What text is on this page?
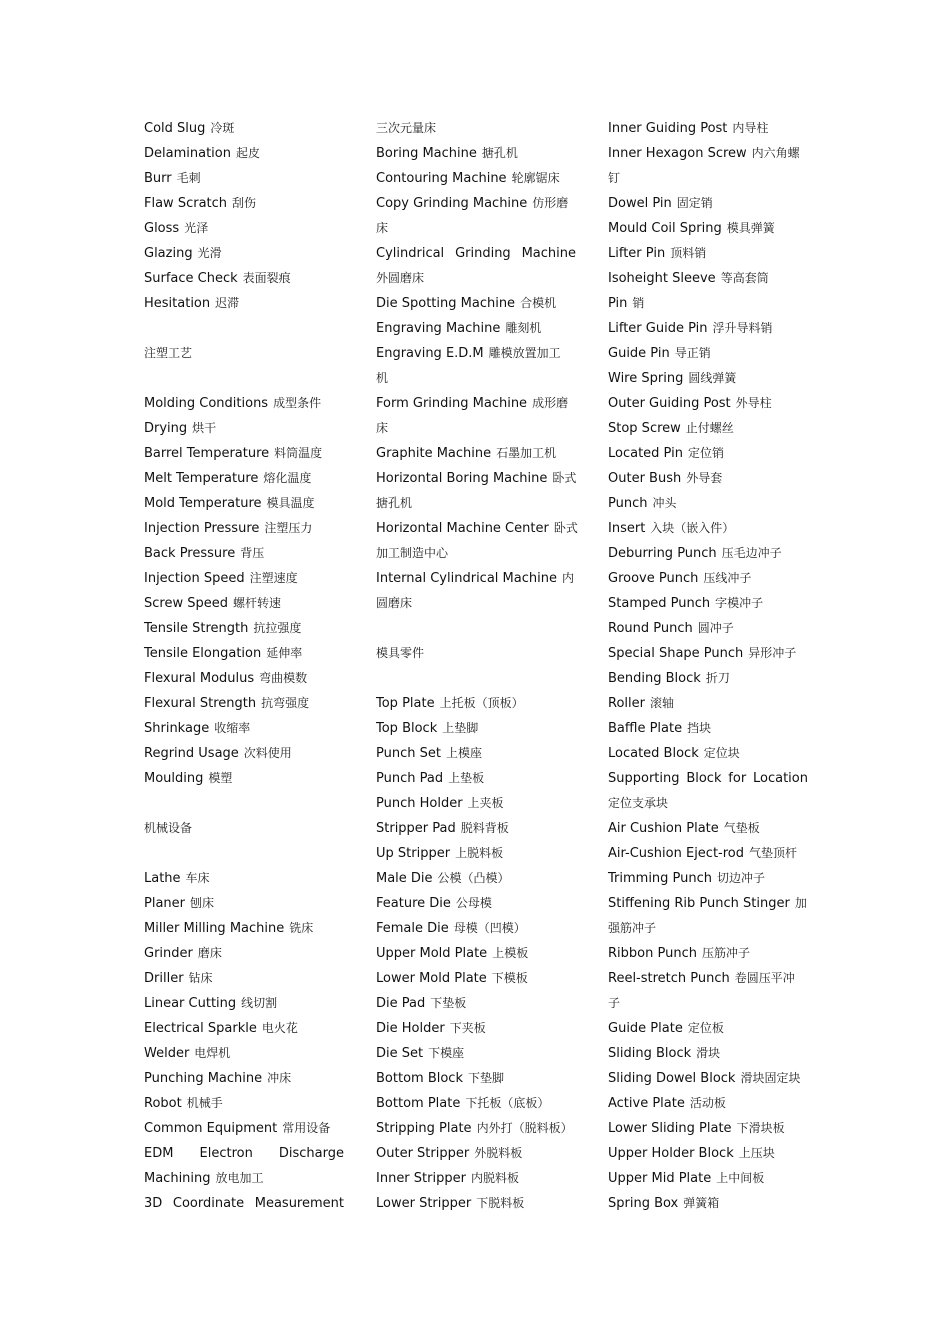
Cold Slug 冷斑
Delamination 起皮
Burr 毛刺
Flaw Scratch 刮伤
Gloss 光泽
Glazing 光滑
Surface Check 表面裂痕
Hesitation 迟滞
注塑工艺
Molding Conditions 成型条件
Drying 烘干
Barrel Temperature 料筒温度
Melt Temperature 熔化温度
Mold Temperature 模具温度
Injection Pressure 注塑压力
Back Pressure 背压
Injection Speed 注塑速度
Screw Speed 螺杆转速
Tensile Strength 抗拉强度
Tensile Elongation 延伸率
Flexural Modulus 弯曲模数
Flexural Strength 抗弯强度
Shrinkage 收缩率
Regrind Usage 次料使用
Moulding 模塑
机械设备
Lathe 车床
Planer 刨床
Miller Milling Machine 铣床
Grinder 磨床
Driller 钻床
Linear Cutting 线切割
Electrical Sparkle 电火花
Welder 电焊机
Punching Machine 冲床
Robot 机械手
Common Equipment 常用设备
EDM Electron Discharge
Machining 放电加工
3D Coordinate Measurement
三次元量床
Boring Machine 搪孔机
Contouring Machine 轮廓锯床
Copy Grinding Machine 仿形磨
床
Cylindrical Grinding Machine
外圆磨床
Die Spotting Machine 合模机
Engraving Machine 雕刻机
Engraving E.D.M 雕模放置加工
机
Form Grinding Machine 成形磨
床
Graphite Machine 石墨加工机
Horizontal Boring Machine 卧式
搪孔机
Horizontal Machine Center 卧式
加工制造中心
Internal Cylindrical Machine 内
圆磨床
模具零件
Top Plate 上托板（顶板）
Top Block 上垫脚
Punch Set 上模座
Punch Pad 上垫板
Punch Holder 上夹板
Stripper Pad 脱料背板
Up Stripper 上脱料板
Male Die 公模（凸模）
Feature Die 公母模
Female Die 母模（凹模）
Upper Mold Plate 上模板
Lower Mold Plate 下模板
Die Pad 下垫板
Die Holder 下夹板
Die Set 下模座
Bottom Block 下垫脚
Bottom Plate 下托板（底板）
Stripping Plate 内外打（脱料板）
Outer Stripper 外脱料板
Inner Stripper 内脱料板
Lower Stripper 下脱料板
Inner Guiding Post 内导柱
Inner Hexagon Screw 内六角螺
钉
Dowel Pin 固定销
Mould Coil Spring 模具弹簧
Lifter Pin 顶料销
Isoheight Sleeve 等高套筒
Pin 销
Lifter Guide Pin 浮升导料销
Guide Pin 导正销
Wire Spring 圆线弹簧
Outer Guiding Post 外导柱
Stop Screw 止付螺丝
Located Pin 定位销
Outer Bush 外导套
Punch 冲头
Insert 入块（嵌入件）
Deburring Punch 压毛边冲子
Groove Punch 压线冲子
Stamped Punch 字模冲子
Round Punch 圆冲子
Special Shape Punch 异形冲子
Bending Block 折刀
Roller 滚轴
Baffle Plate 挡块
Located Block 定位块
Supporting Block for Location
定位支承块
Air Cushion Plate 气垫板
Air-Cushion Eject-rod 气垫顶杆
Trimming Punch 切边冲子
Stiffening Rib Punch Stinger 加
强筋冲子
Ribbon Punch 压筋冲子
Reel-stretch Punch 卷圆压平冲
子
Guide Plate 定位板
Sliding Block 滑块
Sliding Dowel Block 滑块固定块
Active Plate 活动板
Lower Sliding Plate 下滑块板
Upper Holder Block 上压块
Upper Mid Plate 上中间板
Spring Box 弹簧箱
